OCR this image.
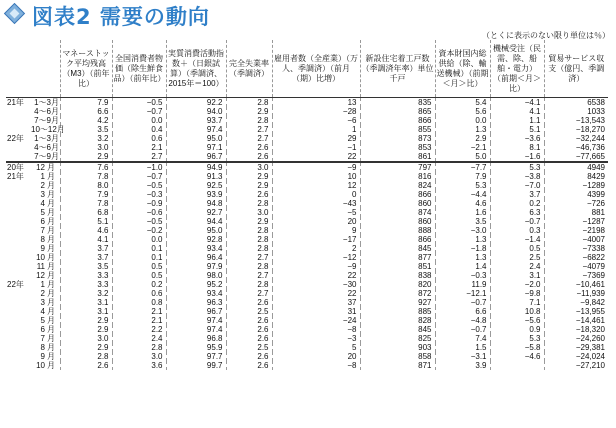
図表2 需要の動向
（とくに表示のない限り単位は％）
	マネーストック平均残高（M3）（前年比）	全国消費者物価（除生鮮食品）（前年比）	実質消費活動指数＋（日銀試算）（季調済、2015年＝100）	完全失業率（季調済）	雇用者数（全産業）（万人、季調済）（前月（期）比増）	新設住宅着工戸数（季調済年率）単位 千戸	資本財国内総供給（除、輸送機械）（前期＜月＞比）	機械受注（民需、除、船舶・電力）（前期＜月＞比）	貿易サービス収支（億円、季調済）
21年 1〜3月	7.9	−0.5	92.2	2.8	13	835	5.4	−4.1	6538
4〜6月	6.6	−0.7	94.0	2.9	−28	865	5.6	4.1	1033
7〜9月	4.2	0.0	93.7	2.8	−6	866	0.0	1.1	−13,543
10〜12月	3.5	0.4	97.4	2.7	1	855	1.3	5.1	−18,270
22年 1〜3月	3.2	0.6	95.0	2.7	29	873	2.9	−3.6	−32,244
4〜6月	3.0	2.1	97.1	2.6	−1	853	−2.1	8.1	−46,736
7〜9月	2.9	2.7	96.7	2.6	22	861	5.0	−1.6	−77,665
20年 12 月	7.6	−1.0	94.9	3.0	−9	797	−7.7	5.3	4949
21年 1 月	7.8	−0.7	91.3	2.9	10	816	7.9	−3.8	8429
2 月	8.0	−0.5	92.5	2.9	12	824	5.3	−7.0	−1289
3 月	7.9	−0.3	93.9	2.6	0	866	−4.4	3.7	4399
4 月	7.8	−0.9	94.8	2.8	−43	860	4.6	0.2	−726
5 月	6.8	−0.6	92.7	3.0	−5	874	1.6	6.3	881
6 月	5.1	−0.5	94.4	2.9	20	860	3.5	−0.7	−1287
7 月	4.6	−0.2	95.0	2.8	9	888	−3.0	0.3	−2198
8 月	4.1	0.0	92.8	2.8	−17	866	1.3	−1.4	−4007
9 月	3.7	0.1	93.4	2.8	2	845	−1.8	0.5	−7338
10 月	3.7	0.1	96.4	2.7	−12	877	1.3	2.5	−6822
11 月	3.5	0.5	97.9	2.8	−9	851	1.4	2.4	−4079
12 月	3.3	0.5	98.0	2.7	22	838	−0.3	3.1	−7369
22年 1 月	3.3	0.2	95.2	2.8	−30	820	11.9	−2.0	−10,461
2 月	3.2	0.6	93.4	2.7	22	872	−12.1	−9.8	−11,939
3 月	3.1	0.8	96.3	2.6	37	927	−0.7	7.1	−9,842
4 月	3.1	2.1	96.7	2.5	31	885	6.6	10.8	−13,955
5 月	2.9	2.1	97.4	2.6	−24	828	−4.8	−5.6	−14,461
6 月	2.9	2.2	97.4	2.6	−8	845	−0.7	0.9	−18,320
7 月	3.0	2.4	96.8	2.6	−3	825	7.4	5.3	−24,260
8 月	2.9	2.8	95.9	2.5	5	903	1.5	−5.8	−29,381
9 月	2.8	3.0	97.7	2.6	20	858	−3.1	−4.6	−24,024
10 月	2.6	3.6	99.7	2.6	−8	871	3.9		−27,210
